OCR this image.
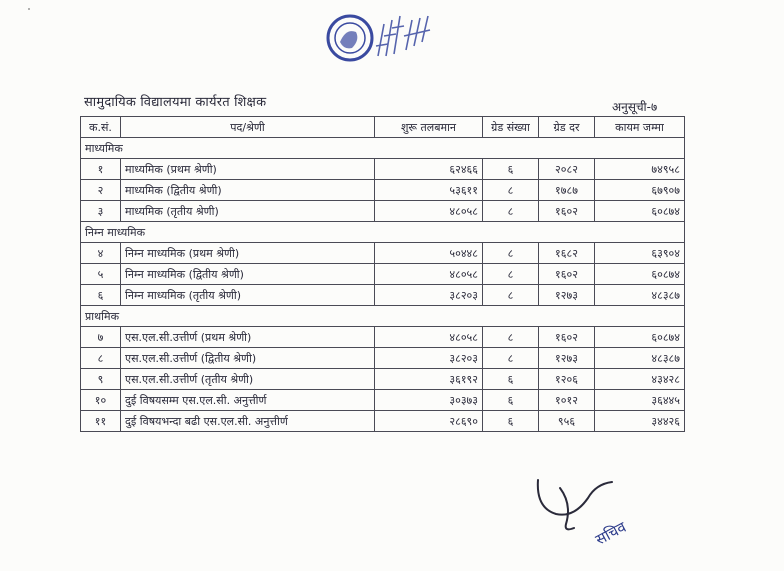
सामुदायिक विद्यालयमा कार्यरत शिक्षक	अनुसूची-७
क.सं.	पद/श्रेणी	शुरू तलबमान	ग्रेड संख्या	ग्रेड दर	कायम जम्मा
माध्यमिक					
१	माध्यमिक (प्रथम श्रेणी)	६२४६६	६	२०८२	७४९५८
२	माध्यमिक (द्वितीय श्रेणी)	५३६११	८	१७८७	६७९०७
३	माध्यमिक (तृतीय श्रेणी)	४८०५८	८	१६०२	६०८७४
निम्न माध्यमिक					
४	निम्न माध्यमिक (प्रथम श्रेणी)	५०४४८	८	१६८२	६३९०४
५	निम्न माध्यमिक (द्वितीय श्रेणी)	४८०५८	८	१६०२	६०८७४
६	निम्न माध्यमिक (तृतीय श्रेणी)	३८२०३	८	१२७३	४८३८७
प्राथमिक					
७	एस.एल.सी.उत्तीर्ण (प्रथम श्रेणी)	४८०५८	८	१६०२	६०८७४
८	एस.एल.सी.उत्तीर्ण (द्वितीय श्रेणी)	३८२०३	८	१२७३	४८३८७
९	एस.एल.सी.उत्तीर्ण (तृतीय श्रेणी)	३६१९२	६	१२०६	४३४२८
१०	दुई विषयसम्म एस.एल.सी. अनुत्तीर्ण	३०३७३	६	१०१२	३६४४५
११	दुई विषयभन्दा बढी एस.एल.सी. अनुत्तीर्ण	२८६९०	६	९५६	३४४२६
सचिव
